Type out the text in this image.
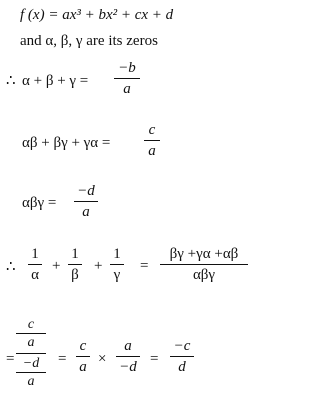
f (x) = ax³ + bx² + cx + d
and α, β, γ are its zeros
∴ α + β + γ =
−b
a
αβ + βγ + γα =
c
a
αβγ =
−d
a
∴
1
α
+
1
β
+
1
γ
=
βγ +γα +αβ
αβγ
c
a
−d
a
=	=
c
a ×
a
−d =
−c
d
